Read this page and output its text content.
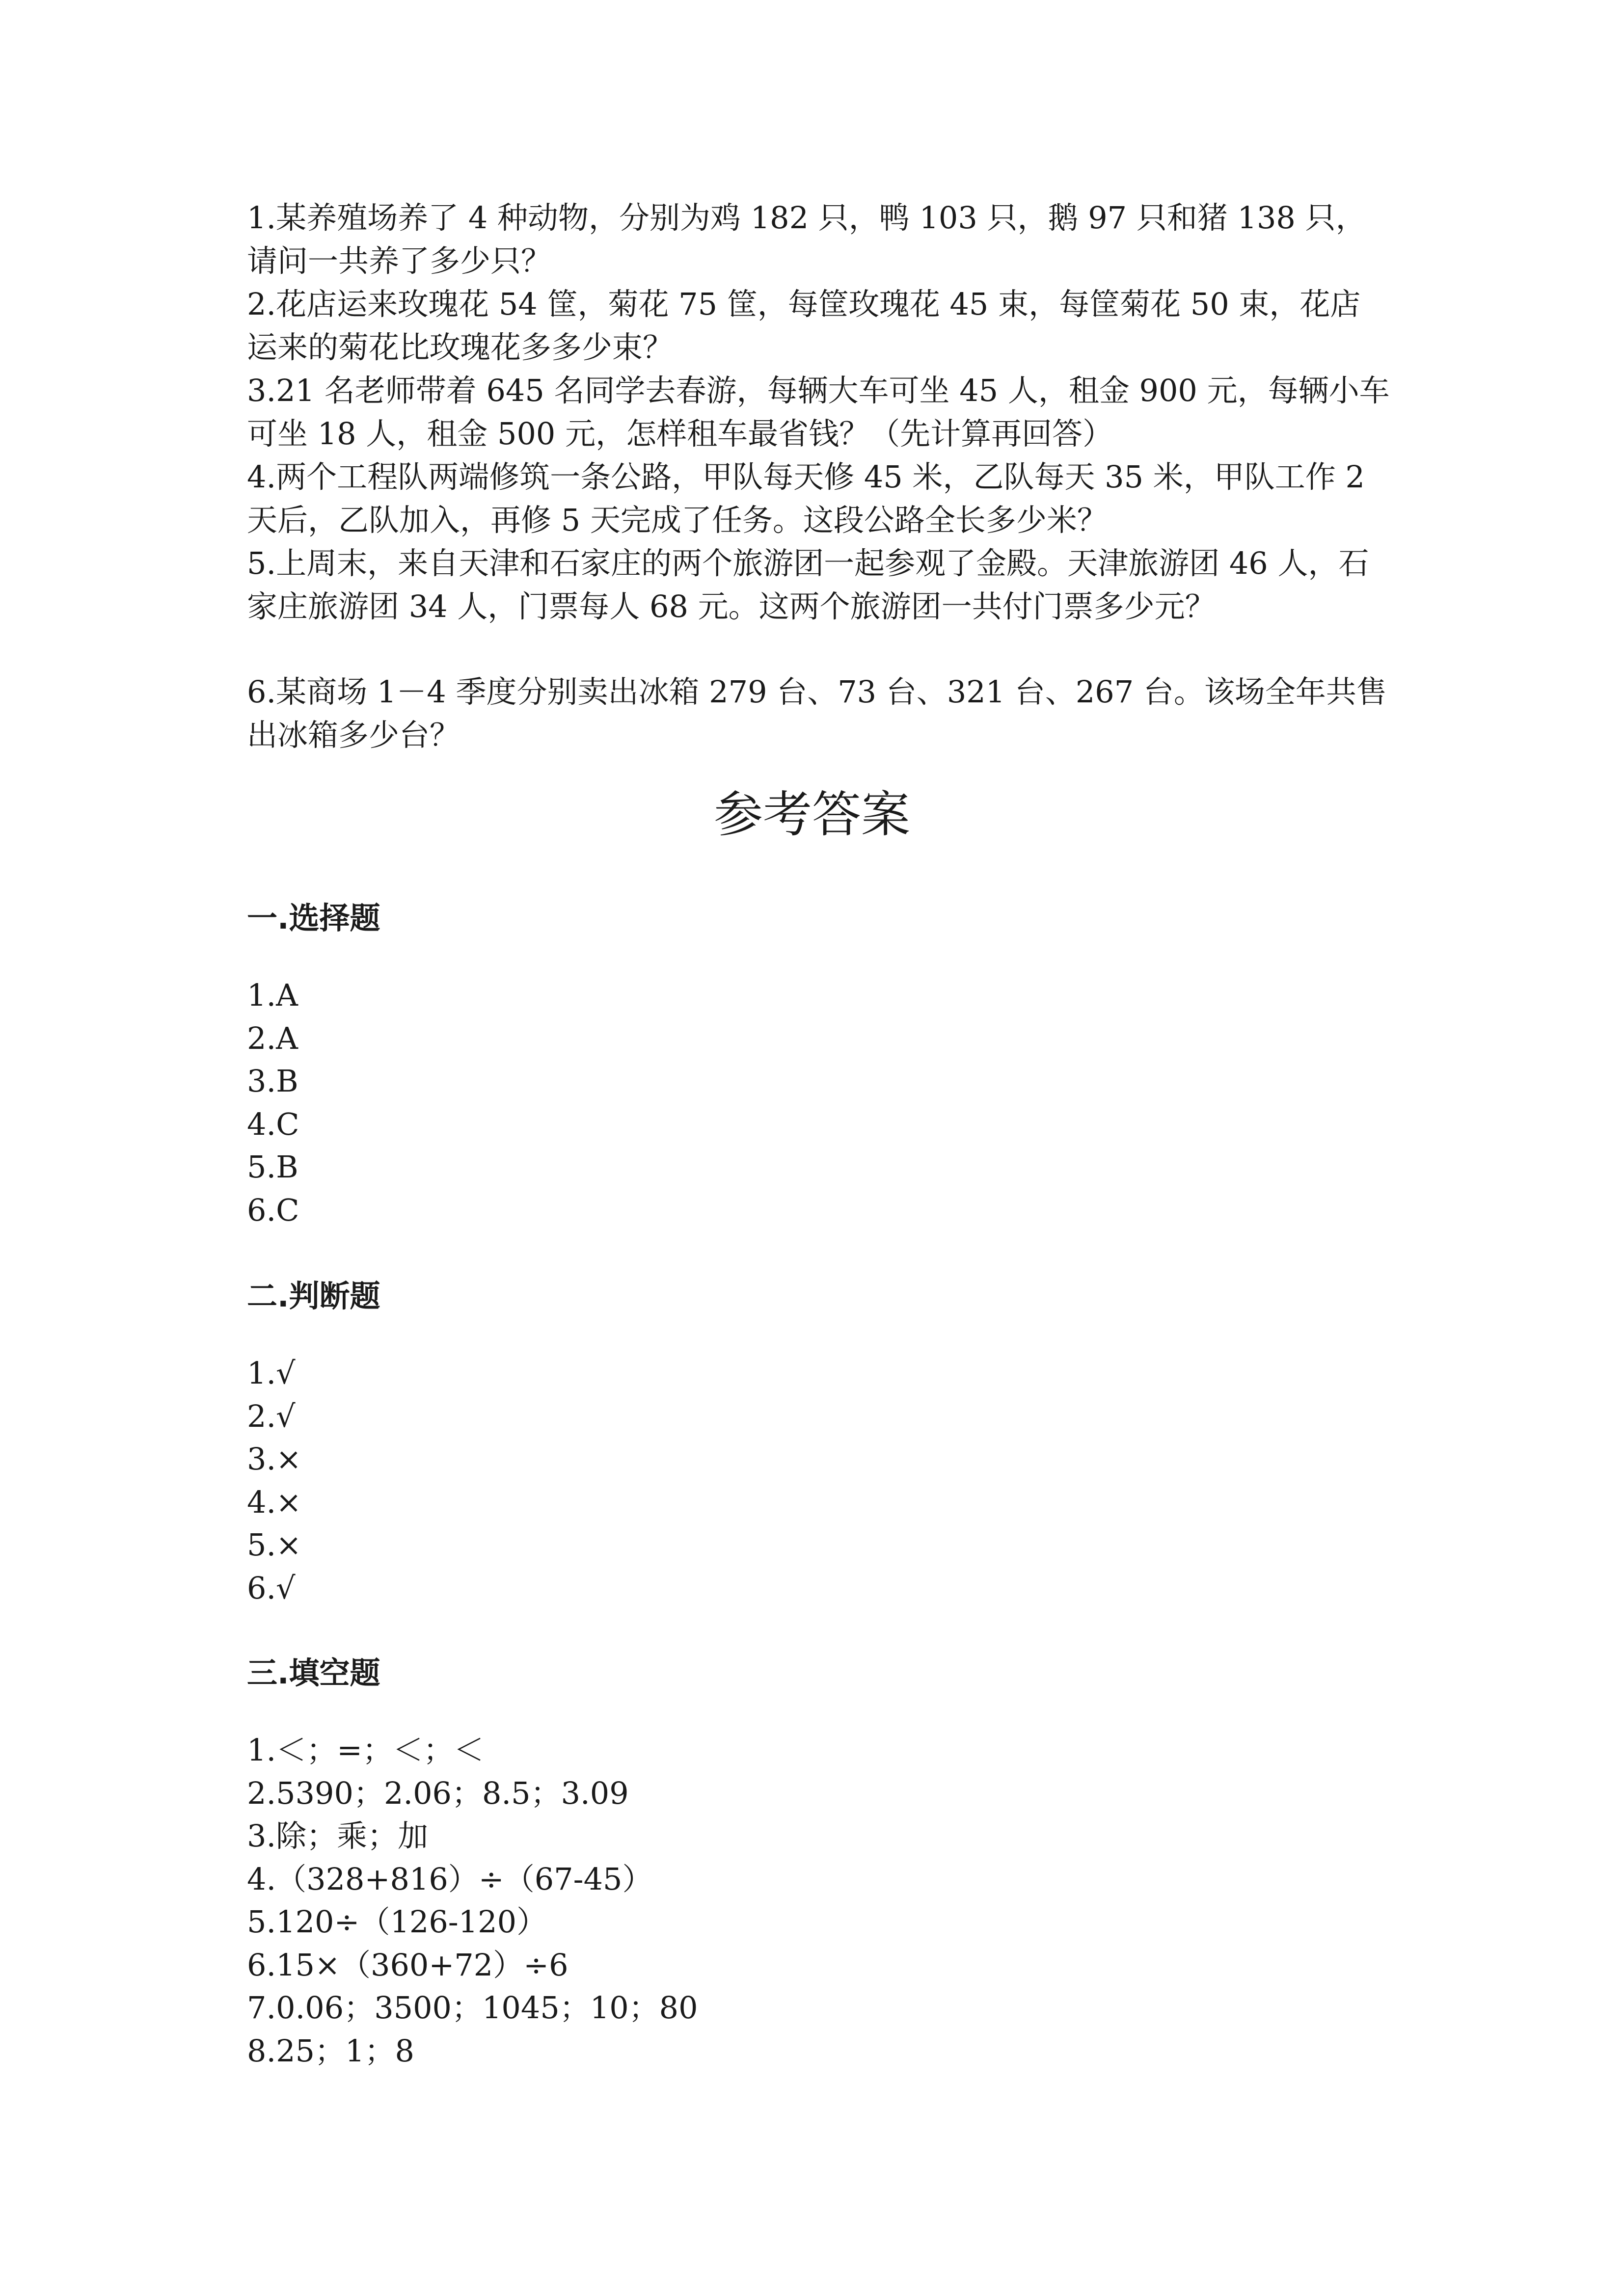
1.某养殖场养了 4 种动物，分别为鸡 182 只，鸭 103 只，鹅 97 只和猪 138 只，请问一共养了多少只？

2.花店运来玫瑰花 54 筐，菊花 75 筐，每筐玫瑰花 45 束，每筐菊花 50 束，花店运来的菊花比玫瑰花多多少束？

3.21 名老师带着 645 名同学去春游，每辆大车可坐 45 人，租金 900 元，每辆小车可坐 18 人，租金 500 元，怎样租车最省钱？（先计算再回答）

4.两个工程队两端修筑一条公路，甲队每天修 45 米，乙队每天 35 米，甲队工作 2 天后，乙队加入，再修 5 天完成了任务。这段公路全长多少米？

5.上周末，来自天津和石家庄的两个旅游团一起参观了金殿。天津旅游团 46 人，石家庄旅游团 34 人，门票每人 68 元。这两个旅游团一共付门票多少元？

6.某商场 1－4 季度分别卖出冰箱 279 台、73 台、321 台、267 台。该场全年共售出冰箱多少台？

参考答案
一.选择题

1.A

2.A

3.B

4.C

5.B

6.C

二.判断题

1.√

2.√

3.×

4.×

5.×

6.√

三.填空题

1.＜；=；＜；＜

2.5390；2.06；8.5；3.09

3.除；乘；加

4.（328+816）÷（67-45）

5.120÷（126-120）

6.15×（360+72）÷6

7.0.06；3500；1045；10；80

8.25；1；8
